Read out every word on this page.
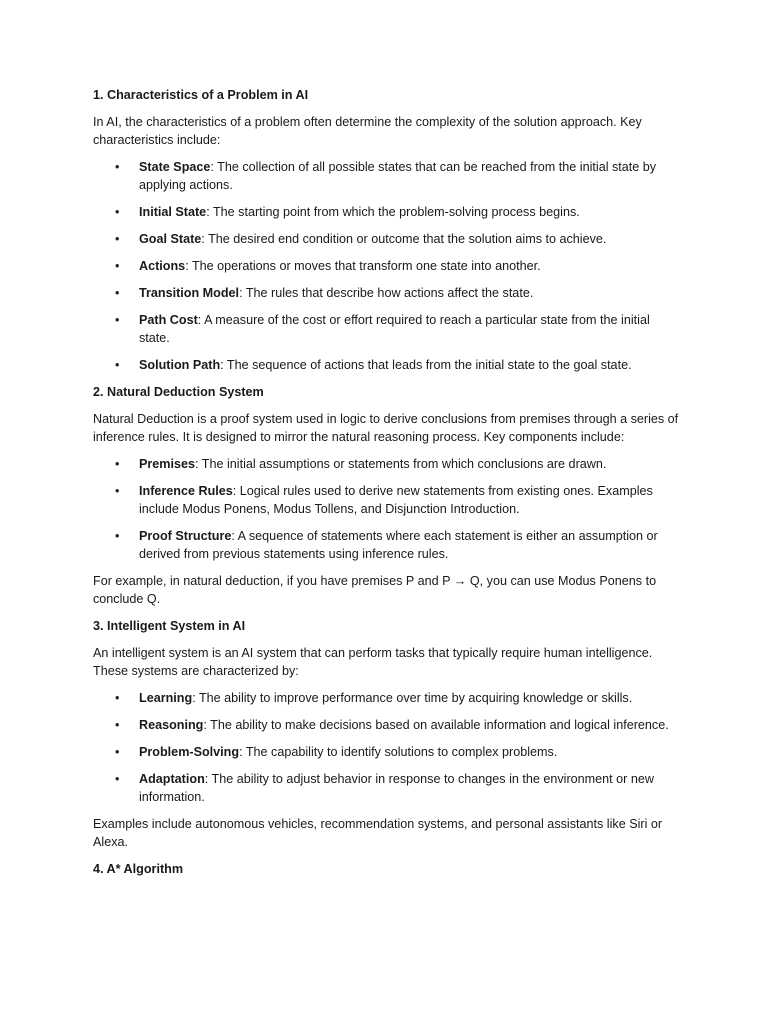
1. Characteristics of a Problem in AI

In AI, the characteristics of a problem often determine the complexity of the solution approach. Key characteristics include:

• State Space: The collection of all possible states that can be reached from the initial state by applying actions.
• Initial State: The starting point from which the problem-solving process begins.
• Goal State: The desired end condition or outcome that the solution aims to achieve.
• Actions: The operations or moves that transform one state into another.
• Transition Model: The rules that describe how actions affect the state.
• Path Cost: A measure of the cost or effort required to reach a particular state from the initial state.
• Solution Path: The sequence of actions that leads from the initial state to the goal state.
2. Natural Deduction System

Natural Deduction is a proof system used in logic to derive conclusions from premises through a series of inference rules. It is designed to mirror the natural reasoning process. Key components include:

• Premises: The initial assumptions or statements from which conclusions are drawn.
• Inference Rules: Logical rules used to derive new statements from existing ones. Examples include Modus Ponens, Modus Tollens, and Disjunction Introduction.
• Proof Structure: A sequence of statements where each statement is either an assumption or derived from previous statements using inference rules.

For example, in natural deduction, if you have premises P and P → Q, you can use Modus Ponens to conclude Q.

3. Intelligent System in AI

An intelligent system is an AI system that can perform tasks that typically require human intelligence. These systems are characterized by:

• Learning: The ability to improve performance over time by acquiring knowledge or skills.
• Reasoning: The ability to make decisions based on available information and logical inference.
• Problem-Solving: The capability to identify solutions to complex problems.
• Adaptation: The ability to adjust behavior in response to changes in the environment or new information.

Examples include autonomous vehicles, recommendation systems, and personal assistants like Siri or Alexa.

4. A* Algorithm
